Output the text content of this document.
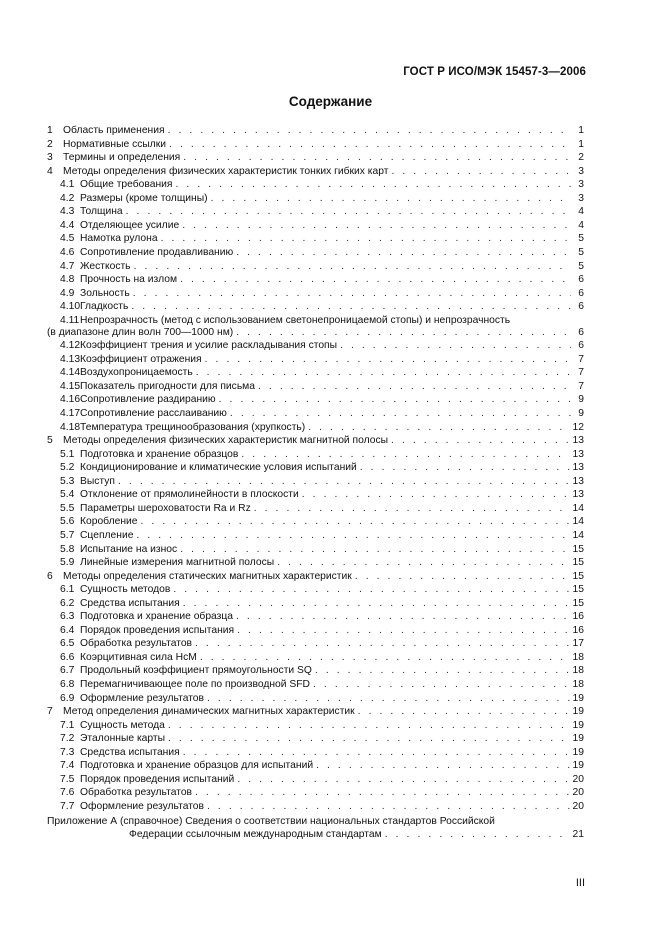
ГОСТ Р ИСО/МЭК 15457-3—2006
Содержание
1 Область применения . . .	1
2 Нормативные ссылки . . .	1
3 Термины и определения . . .	2
4 Методы определения физических характеристик тонких гибких карт . . .	3
4.1 Общие требования . . .	3
4.2 Размеры (кроме толщины) . . .	3
4.3 Толщина . . .	4
4.4 Отделяющее усилие . . .	4
4.5 Намотка рулона . . .	5
4.6 Сопротивление продавливанию . . .	5
4.7 Жесткость . . .	5
4.8 Прочность на излом . . .	6
4.9 Зольность . . .	6
4.10 Гладкость . . .	6
4.11 Непрозрачность (метод с использованием светонепроницаемой стопы) и непрозрачность
(в диапазоне длин волн 700—1000 нм) . . .	6
4.12 Коэффициент трения и усилие раскладывания стопы . . .	6
4.13 Коэффициент отражения . . .	7
4.14 Воздухопроницаемость . . .	7
4.15 Показатель пригодности для письма . . .	7
4.16 Сопротивление раздиранию . . .	9
4.17 Сопротивление расслаиванию . . .	9
4.18 Температура трещинообразования (хрупкость) . . .	12
5 Методы определения физических характеристик магнитной полосы . . .	13
5.1 Подготовка и хранение образцов . . .	13
5.2 Кондиционирование и климатические условия испытаний . . .	13
5.3 Выступ . . .	13
5.4 Отклонение от прямолинейности в плоскости . . .	13
5.5 Параметры шероховатости Ra и Rz . . .	14
5.6 Коробление . . .	14
5.7 Сцепление . . .	14
5.8 Испытание на износ . . .	15
5.9 Линейные измерения магнитной полосы . . .	15
6 Методы определения статических магнитных характеристик . . .	15
6.1 Сущность методов . . .	15
6.2 Средства испытания . . .	15
6.3 Подготовка и хранение образца . . .	16
6.4 Порядок проведения испытания . . .	16
6.5 Обработка результатов . . .	17
6.6 Коэрцитивная сила HcM . . .	18
6.7 Продольный коэффициент прямоугольности SQ . . .	18
6.8 Перемагничивающее поле по производной SFD . . .	18
6.9 Оформление результатов . . .	19
7 Метод определения динамических магнитных характеристик . . .	19
7.1 Сущность метода . . .	19
7.2 Эталонные карты . . .	19
7.3 Средства испытания . . .	19
7.4 Подготовка и хранение образцов для испытаний . . .	19
7.5 Порядок проведения испытаний . . .	20
7.6 Обработка результатов . . .	20
7.7 Оформление результатов . . .	20
Приложение А (справочное) Сведения о соответствии национальных стандартов Российской
Федерации ссылочным международным стандартам . . .	21
III
